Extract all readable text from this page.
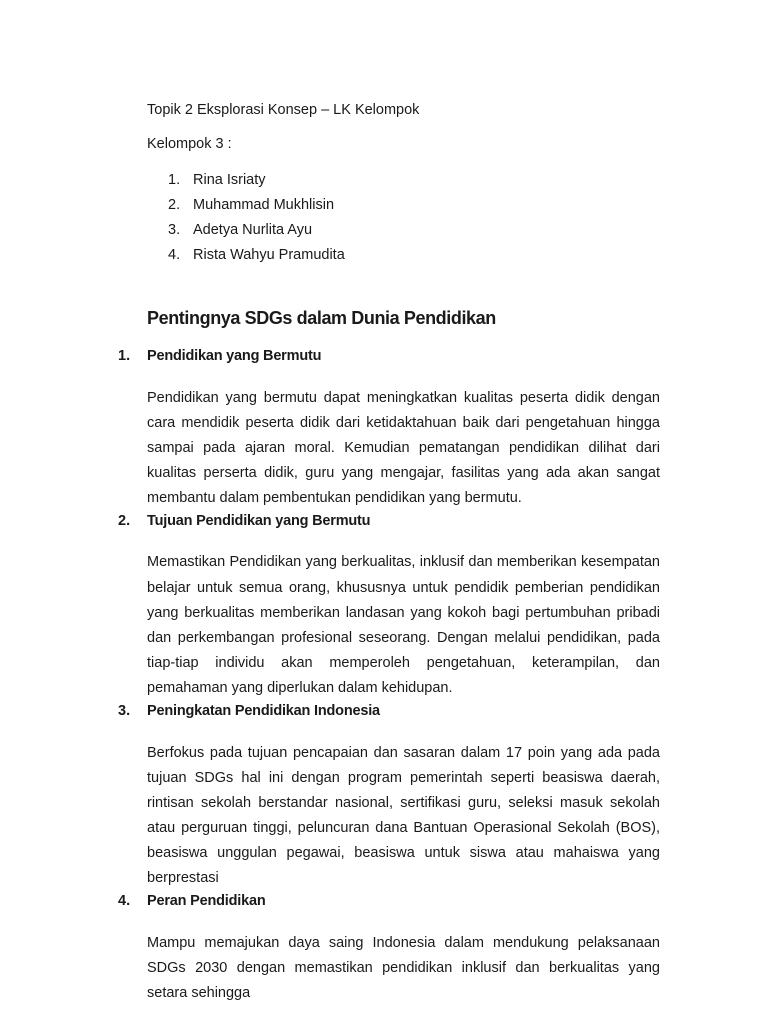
Topik 2 Eksplorasi Konsep – LK Kelompok

Kelompok 3 :

1. Rina Isriaty
2. Muhammad Mukhlisin
3. Adetya Nurlita Ayu
4. Rista Wahyu Pramudita
Pentingnya SDGs dalam Dunia Pendidikan
1. Pendidikan yang Bermutu

Pendidikan yang bermutu dapat meningkatkan kualitas peserta didik dengan cara mendidik peserta didik dari ketidaktahuan baik dari pengetahuan hingga sampai pada ajaran moral. Kemudian pematangan pendidikan dilihat dari kualitas perserta didik, guru yang mengajar, fasilitas yang ada akan sangat membantu dalam pembentukan pendidikan yang bermutu.

2. Tujuan Pendidikan yang Bermutu

Memastikan Pendidikan yang berkualitas, inklusif dan memberikan kesempatan belajar untuk semua orang, khususnya untuk pendidik pemberian pendidikan yang berkualitas memberikan landasan yang kokoh bagi pertumbuhan pribadi dan perkembangan profesional seseorang. Dengan melalui pendidikan, pada tiap-tiap individu akan memperoleh pengetahuan, keterampilan, dan pemahaman yang diperlukan dalam kehidupan.

3. Peningkatan Pendidikan Indonesia

Berfokus pada tujuan pencapaian dan sasaran dalam 17 poin yang ada pada tujuan SDGs hal ini dengan program pemerintah seperti beasiswa daerah, rintisan sekolah berstandar nasional, sertifikasi guru, seleksi masuk sekolah atau perguruan tinggi, peluncuran dana Bantuan Operasional Sekolah (BOS), beasiswa unggulan pegawai, beasiswa untuk siswa atau mahaiswa yang berprestasi

4. Peran Pendidikan

Mampu memajukan daya saing Indonesia dalam mendukung pelaksanaan SDGs 2030 dengan memastikan pendidikan inklusif dan berkualitas yang setara sehingga
